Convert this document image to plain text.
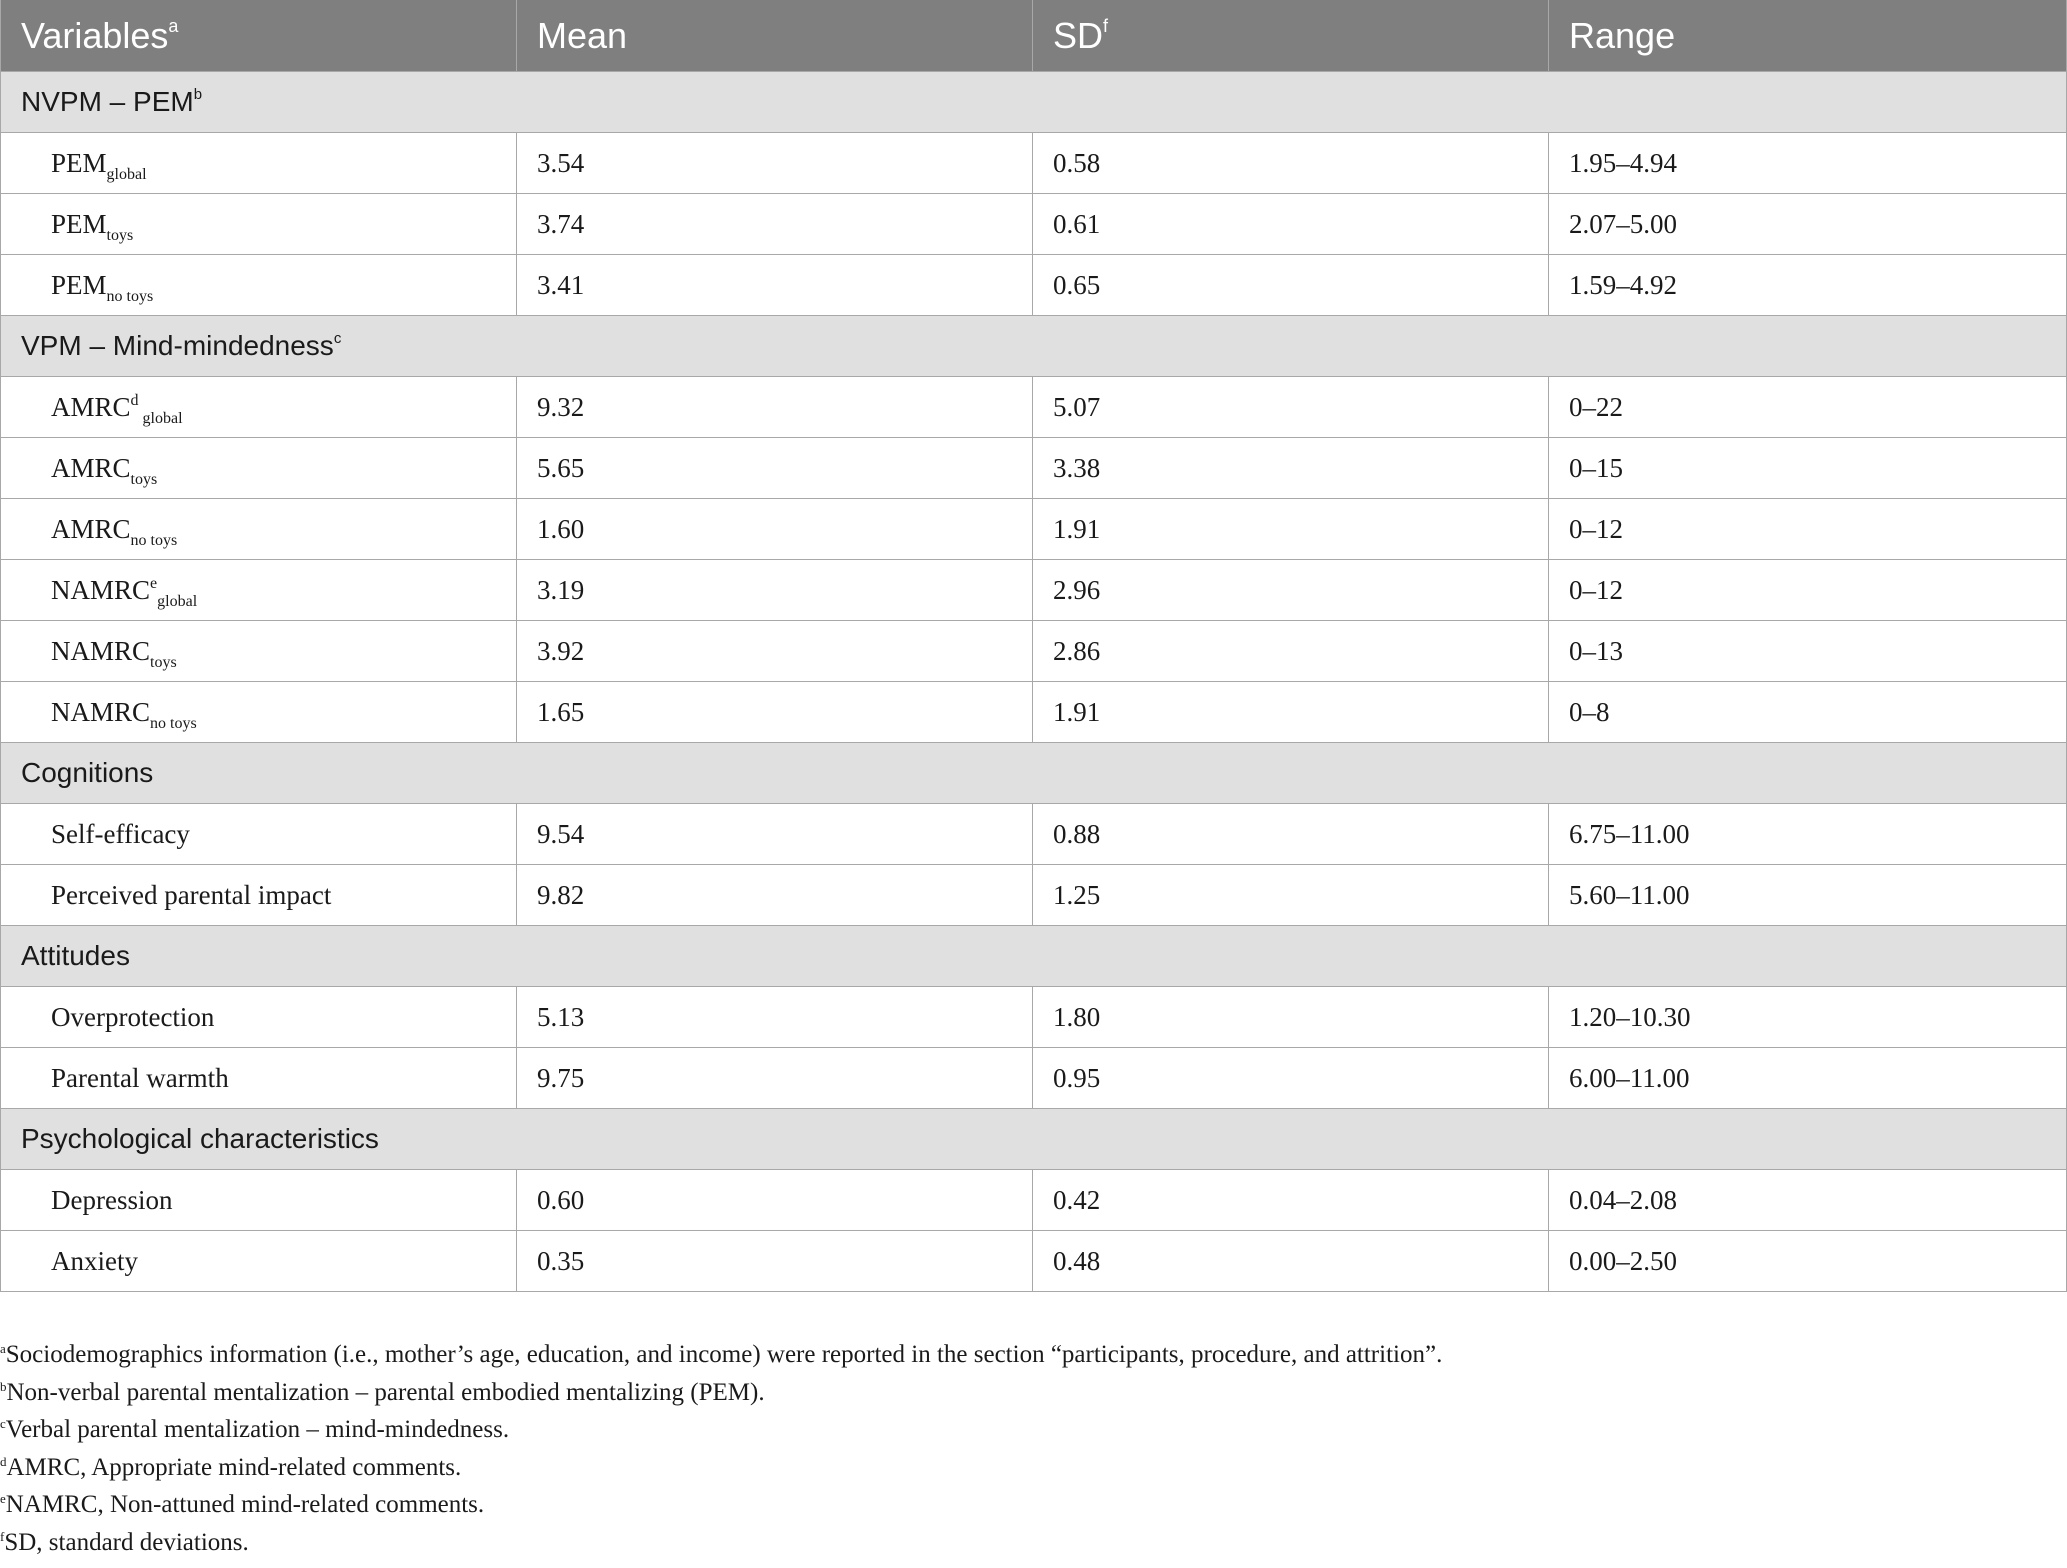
Variables$^a$	Mean	$SD^f$	Range
NVPM – PEM$^b$
$PEM_{global}$	3.54	0.58	1.95–4.94
$PEM_{toys}$	3.74	0.61	2.07–5.00
$PEM_{no toys}$	3.41	0.65	1.59–4.92
VPM – Mind-mindedness$^c$
AMRC$^d$ $_{global}$	9.32	5.07	0–22
$AMRC_{toys}$	5.65	3.38	0–15
$AMRC_{no toys}$	1.60	1.91	0–12
$NAMRC^e_{global}$	3.19	2.96	0–12
$NAMRC_{toys}$	3.92	2.86	0–13
$NAMRC_{no toys}$	1.65	1.91	0–8
Cognitions			
Self-efficacy	9.54	0.88	6.75–11.00
Perceived parental impact	9.82	1.25	5.60–11.00
Attitudes			
Overprotection	5.13	1.80	1.20–10.30
Parental warmth	9.75	0.95	6.00–11.00
Psychological characteristics			
Depression	0.60	0.42	0.04–2.08
Anxiety	0.35	0.48	0.00–2.50
$^a$Sociodemographics information (i.e., mother’s age, education, and income) were reported in the section “participants, procedure, and attrition”.
$^b$Non-verbal parental mentalization – parental embodied mentalizing (PEM).
$^c$Verbal parental mentalization – mind-mindedness.
$^d$AMRC, Appropriate mind-related comments.
$^e$NAMRC, Non-attuned mind-related comments.
$^f$SD, standard deviations.
